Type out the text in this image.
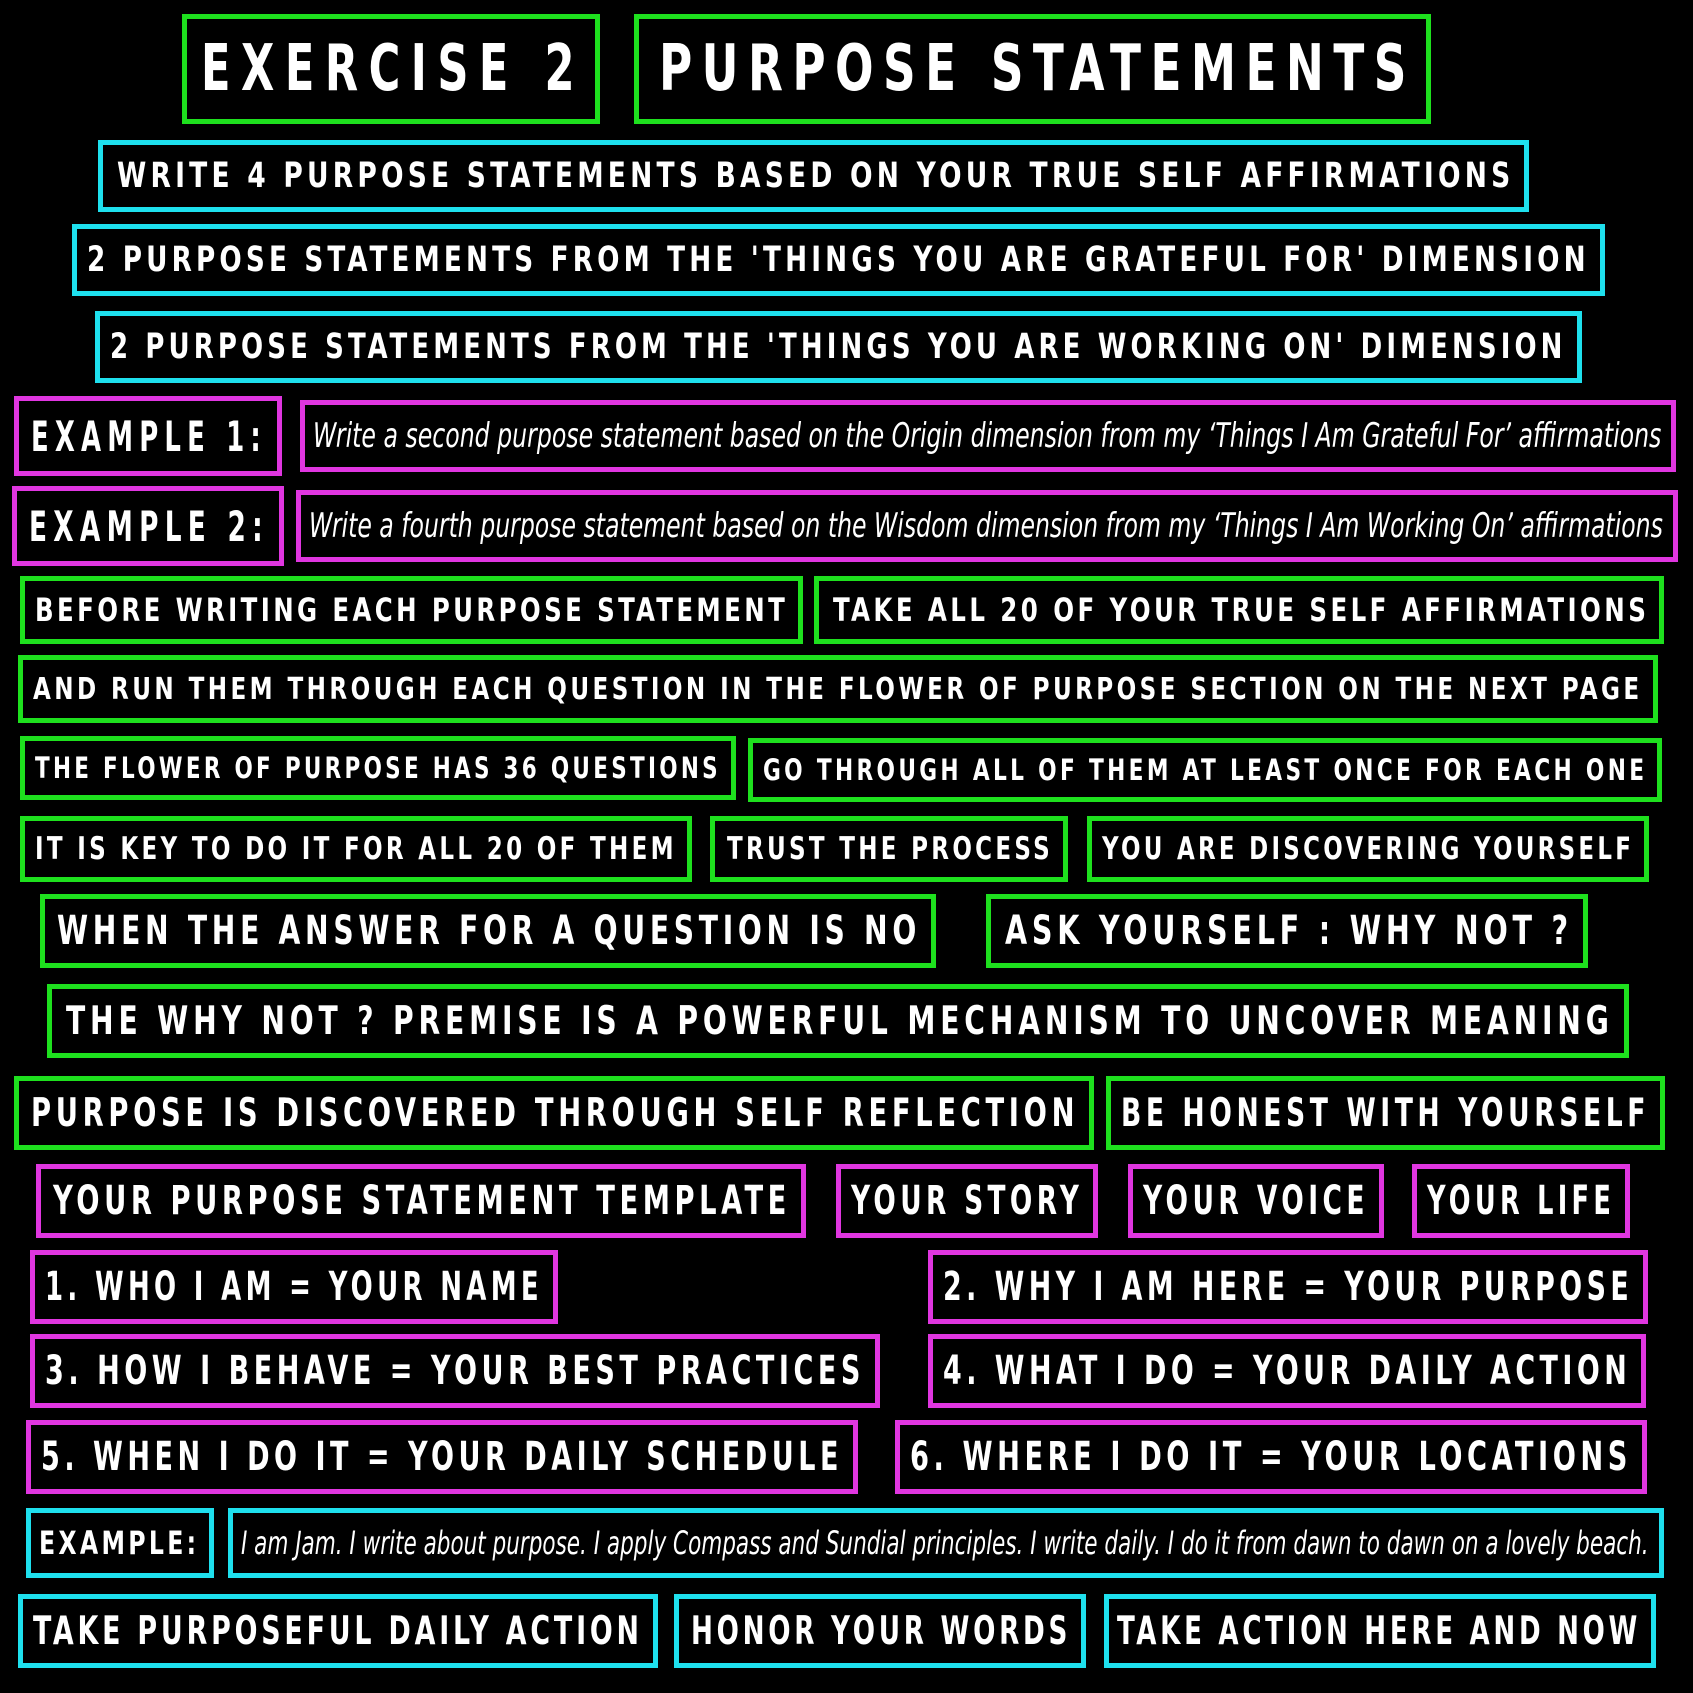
EXERCISE 2 PURPOSE STATEMENTS
WRITE 4 PURPOSE STATEMENTS BASED ON YOUR TRUE SELF AFFIRMATIONS
2 PURPOSE STATEMENTS FROM THE 'THINGS YOU ARE GRATEFUL FOR' DIMENSION
2 PURPOSE STATEMENTS FROM THE 'THINGS YOU ARE WORKING ON' DIMENSION
EXAMPLE 1: Write a second purpose statement based on the Origin dimension from my ‘Things I Am Grateful For’ affirmations
EXAMPLE 2: Write a fourth purpose statement based on the Wisdom dimension from my ‘Things I Am Working On’ affirmations
BEFORE WRITING EACH PURPOSE STATEMENT TAKE ALL 20 OF YOUR TRUE SELF AFFIRMATIONS
AND RUN THEM THROUGH EACH QUESTION IN THE FLOWER OF PURPOSE SECTION ON THE NEXT PAGE
THE FLOWER OF PURPOSE HAS 36 QUESTIONS GO THROUGH ALL OF THEM AT LEAST ONCE FOR EACH ONE
IT IS KEY TO DO IT FOR ALL 20 OF THEM TRUST THE PROCESS YOU ARE DISCOVERING YOURSELF
WHEN THE ANSWER FOR A QUESTION IS NO ASK YOURSELF : WHY NOT ?
THE WHY NOT ? PREMISE IS A POWERFUL MECHANISM TO UNCOVER MEANING
PURPOSE IS DISCOVERED THROUGH SELF REFLECTION BE HONEST WITH YOURSELF
YOUR PURPOSE STATEMENT TEMPLATE YOUR STORY YOUR VOICE YOUR LIFE
1. WHO I AM = YOUR NAME	2. WHY I AM HERE = YOUR PURPOSE
3. HOW I BEHAVE = YOUR BEST PRACTICES 4. WHAT I DO = YOUR DAILY ACTION
5. WHEN I DO IT = YOUR DAILY SCHEDULE 6. WHERE I DO IT = YOUR LOCATIONS
EXAMPLE: I am Jam. I write about purpose. I apply Compass and Sundial principles. I write daily. I do it from dawn to dawn on a lovely beach.
TAKE PURPOSEFUL DAILY ACTION HONOR YOUR WORDS TAKE ACTION HERE AND NOW
